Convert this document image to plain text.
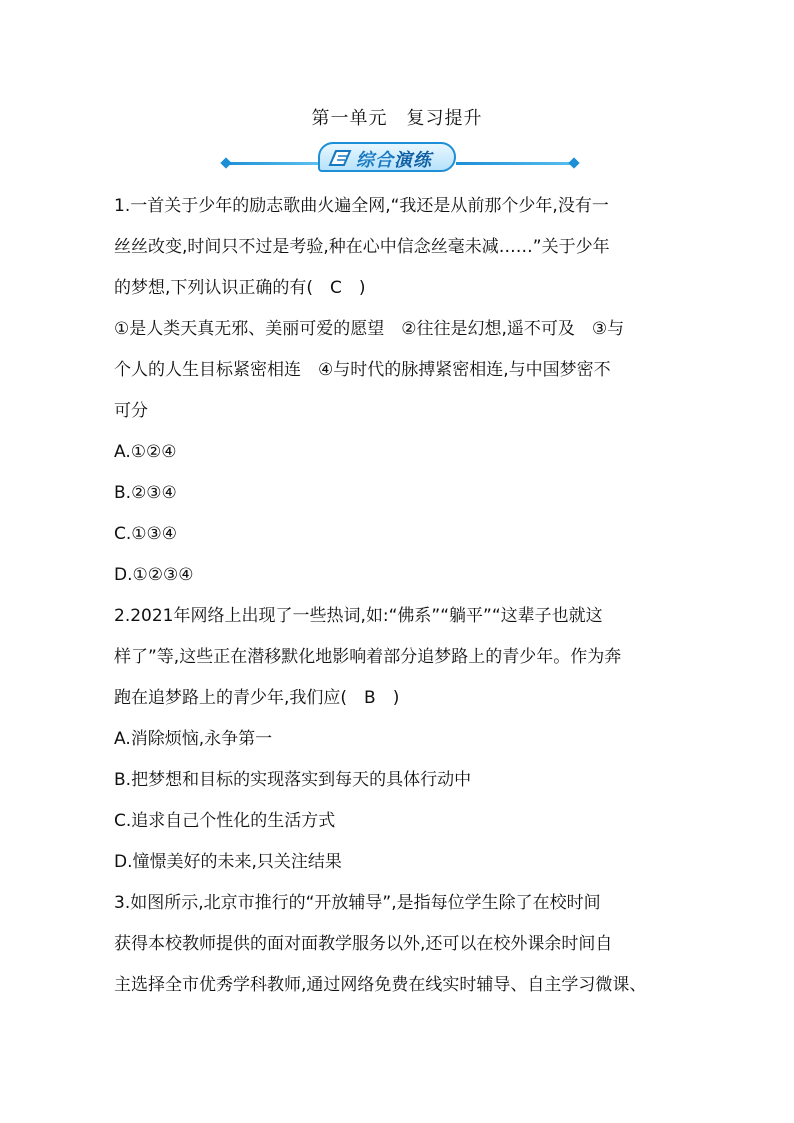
第一单元　复习提升
综合演练
1.一首关于少年的励志歌曲火遍全网,“我还是从前那个少年,没有一
丝丝改变,时间只不过是考验,种在心中信念丝毫未减……”关于少年
的梦想,下列认识正确的有(　C　)
①是人类天真无邪、美丽可爱的愿望　②往往是幻想,遥不可及　③与
个人的人生目标紧密相连　④与时代的脉搏紧密相连,与中国梦密不
可分
A.①②④
B.②③④
C.①③④
D.①②③④
2.2021年网络上出现了一些热词,如:“佛系”“躺平”“这辈子也就这
样了”等,这些正在潜移默化地影响着部分追梦路上的青少年。作为奔
跑在追梦路上的青少年,我们应(　B　)
A.消除烦恼,永争第一
B.把梦想和目标的实现落实到每天的具体行动中
C.追求自己个性化的生活方式
D.憧憬美好的未来,只关注结果
3.如图所示,北京市推行的“开放辅导”,是指每位学生除了在校时间
获得本校教师提供的面对面教学服务以外,还可以在校外课余时间自
主选择全市优秀学科教师,通过网络免费在线实时辅导、自主学习微课、
